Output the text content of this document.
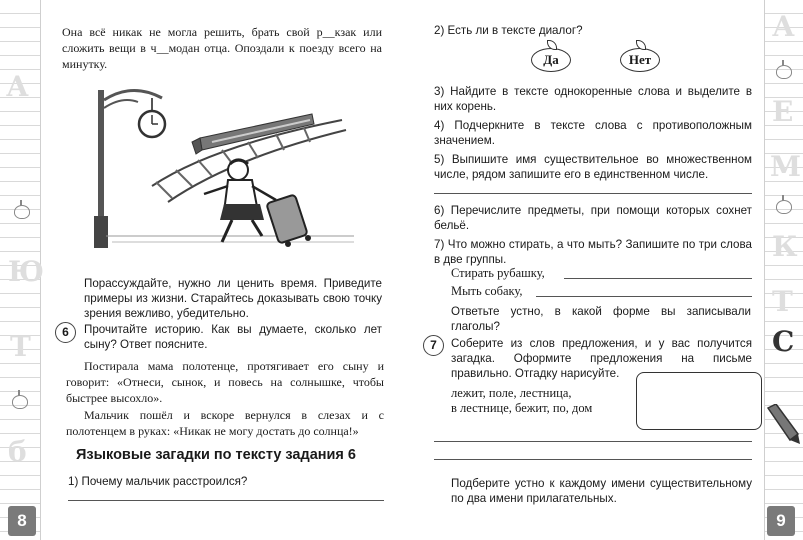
А
Ю
Т
б
А
Е
М
К
Т
С

Она всё никак не могла решить, брать свой р__кзак или сложить вещи в ч__модан отца. Опоздали к поезду всего на минутку.

Порассуждайте, нужно ли ценить время. Приведите примеры из жизни. Старайтесь доказывать свою точку зрения вежливо, убедительно.

6	Прочитайте историю. Как вы думаете, сколько лет сыну? Ответ поясните.

Постирала мама полотенце, протягивает его сыну и говорит: «Отнеси, сынок, и повесь на солнышке, чтобы быстрее высохло».

Мальчик пошёл и вскоре вернулся в слезах и с полотенцем в руках: «Никак не могу достать до солнца!»

Языковые загадки по тексту задания 6
1) Почему мальчик расстроился?
8
2) Есть ли в тексте диалог?
Да	Нет

3) Найдите в тексте однокоренные слова и выделите в них корень.

4) Подчеркните в тексте слова с противоположным значением.

5) Выпишите имя существительное во множественном числе, рядом запишите его в единственном числе.

6) Перечислите предметы, при помощи которых сохнет бельё.

7) Что можно стирать, а что мыть? Запишите по три слова в две группы.

Стирать рубашку,
Мыть собаку,

Ответьте устно, в какой форме вы записывали глаголы?

7	Соберите из слов предложения, и у вас получится загадка. Оформите предложения на письме правильно. Отгадку нарисуйте.

лежит, поле, лестница,
в лестнице, бежит, по, дом

Подберите устно к каждому имени существительному по два имени прилагательных.

9
